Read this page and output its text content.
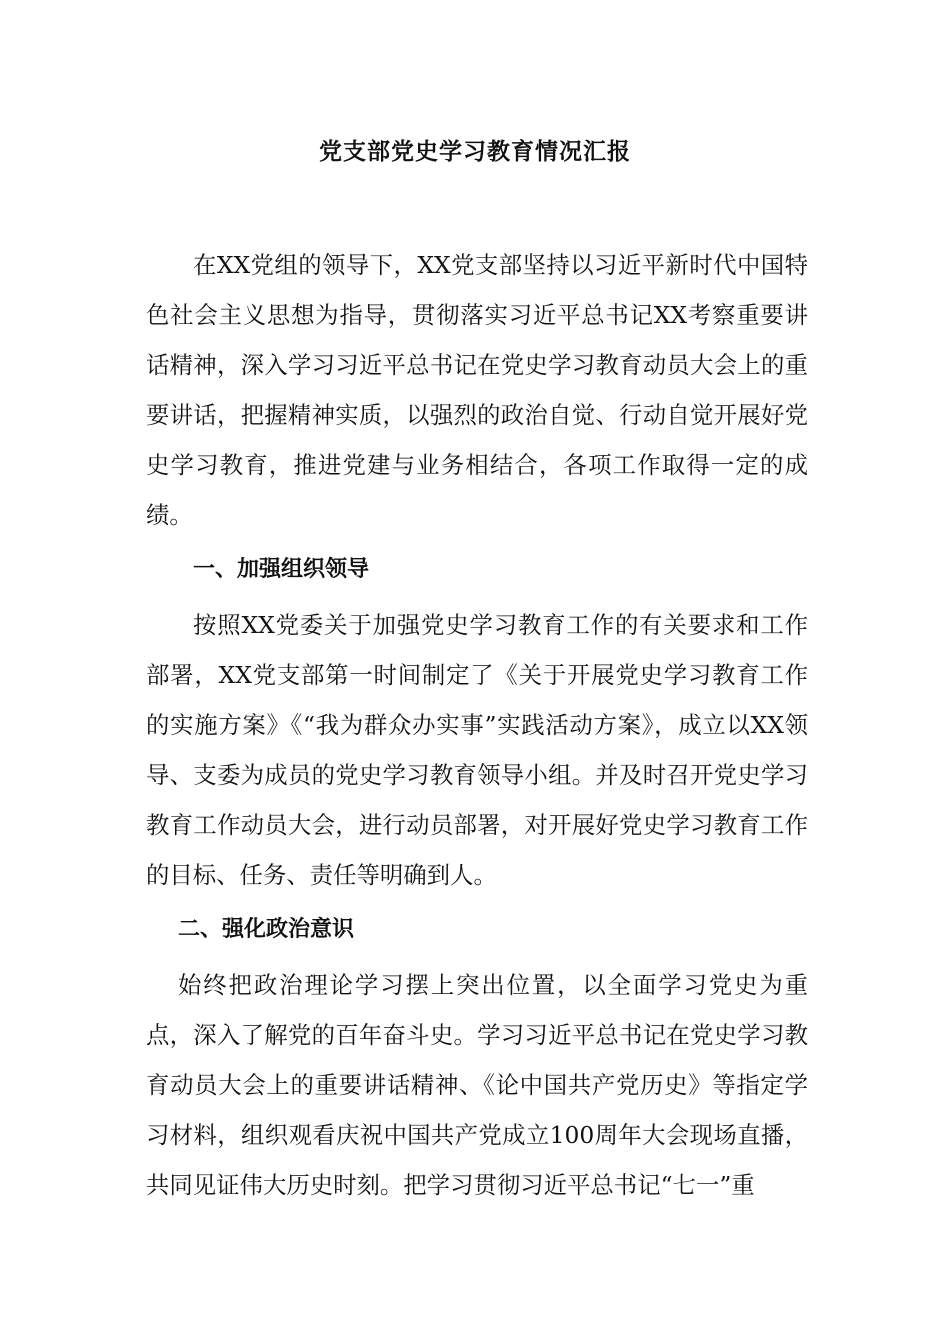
党支部党史学习教育情况汇报

在XX党组的领导下，XX党支部坚持以习近平新时代中国特色社会主义思想为指导，贯彻落实习近平总书记XX考察重要讲话精神，深入学习习近平总书记在党史学习教育动员大会上的重要讲话，把握精神实质，以强烈的政治自觉、行动自觉开展好党史学习教育，推进党建与业务相结合，各项工作取得一定的成绩。

一、加强组织领导

按照XX党委关于加强党史学习教育工作的有关要求和工作部署，XX党支部第一时间制定了《关于开展党史学习教育工作的实施方案》《“我为群众办实事”实践活动方案》，成立以XX领导、支委为成员的党史学习教育领导小组。并及时召开党史学习教育工作动员大会，进行动员部署，对开展好党史学习教育工作的目标、任务、责任等明确到人。

二、强化政治意识

始终把政治理论学习摆上突出位置，以全面学习党史为重点，深入了解党的百年奋斗史。学习习近平总书记在党史学习教育动员大会上的重要讲话精神、《论中国共产党历史》等指定学习材料，组织观看庆祝中国共产党成立100周年大会现场直播，共同见证伟大历史时刻。把学习贯彻习近平总书记“七一”重
